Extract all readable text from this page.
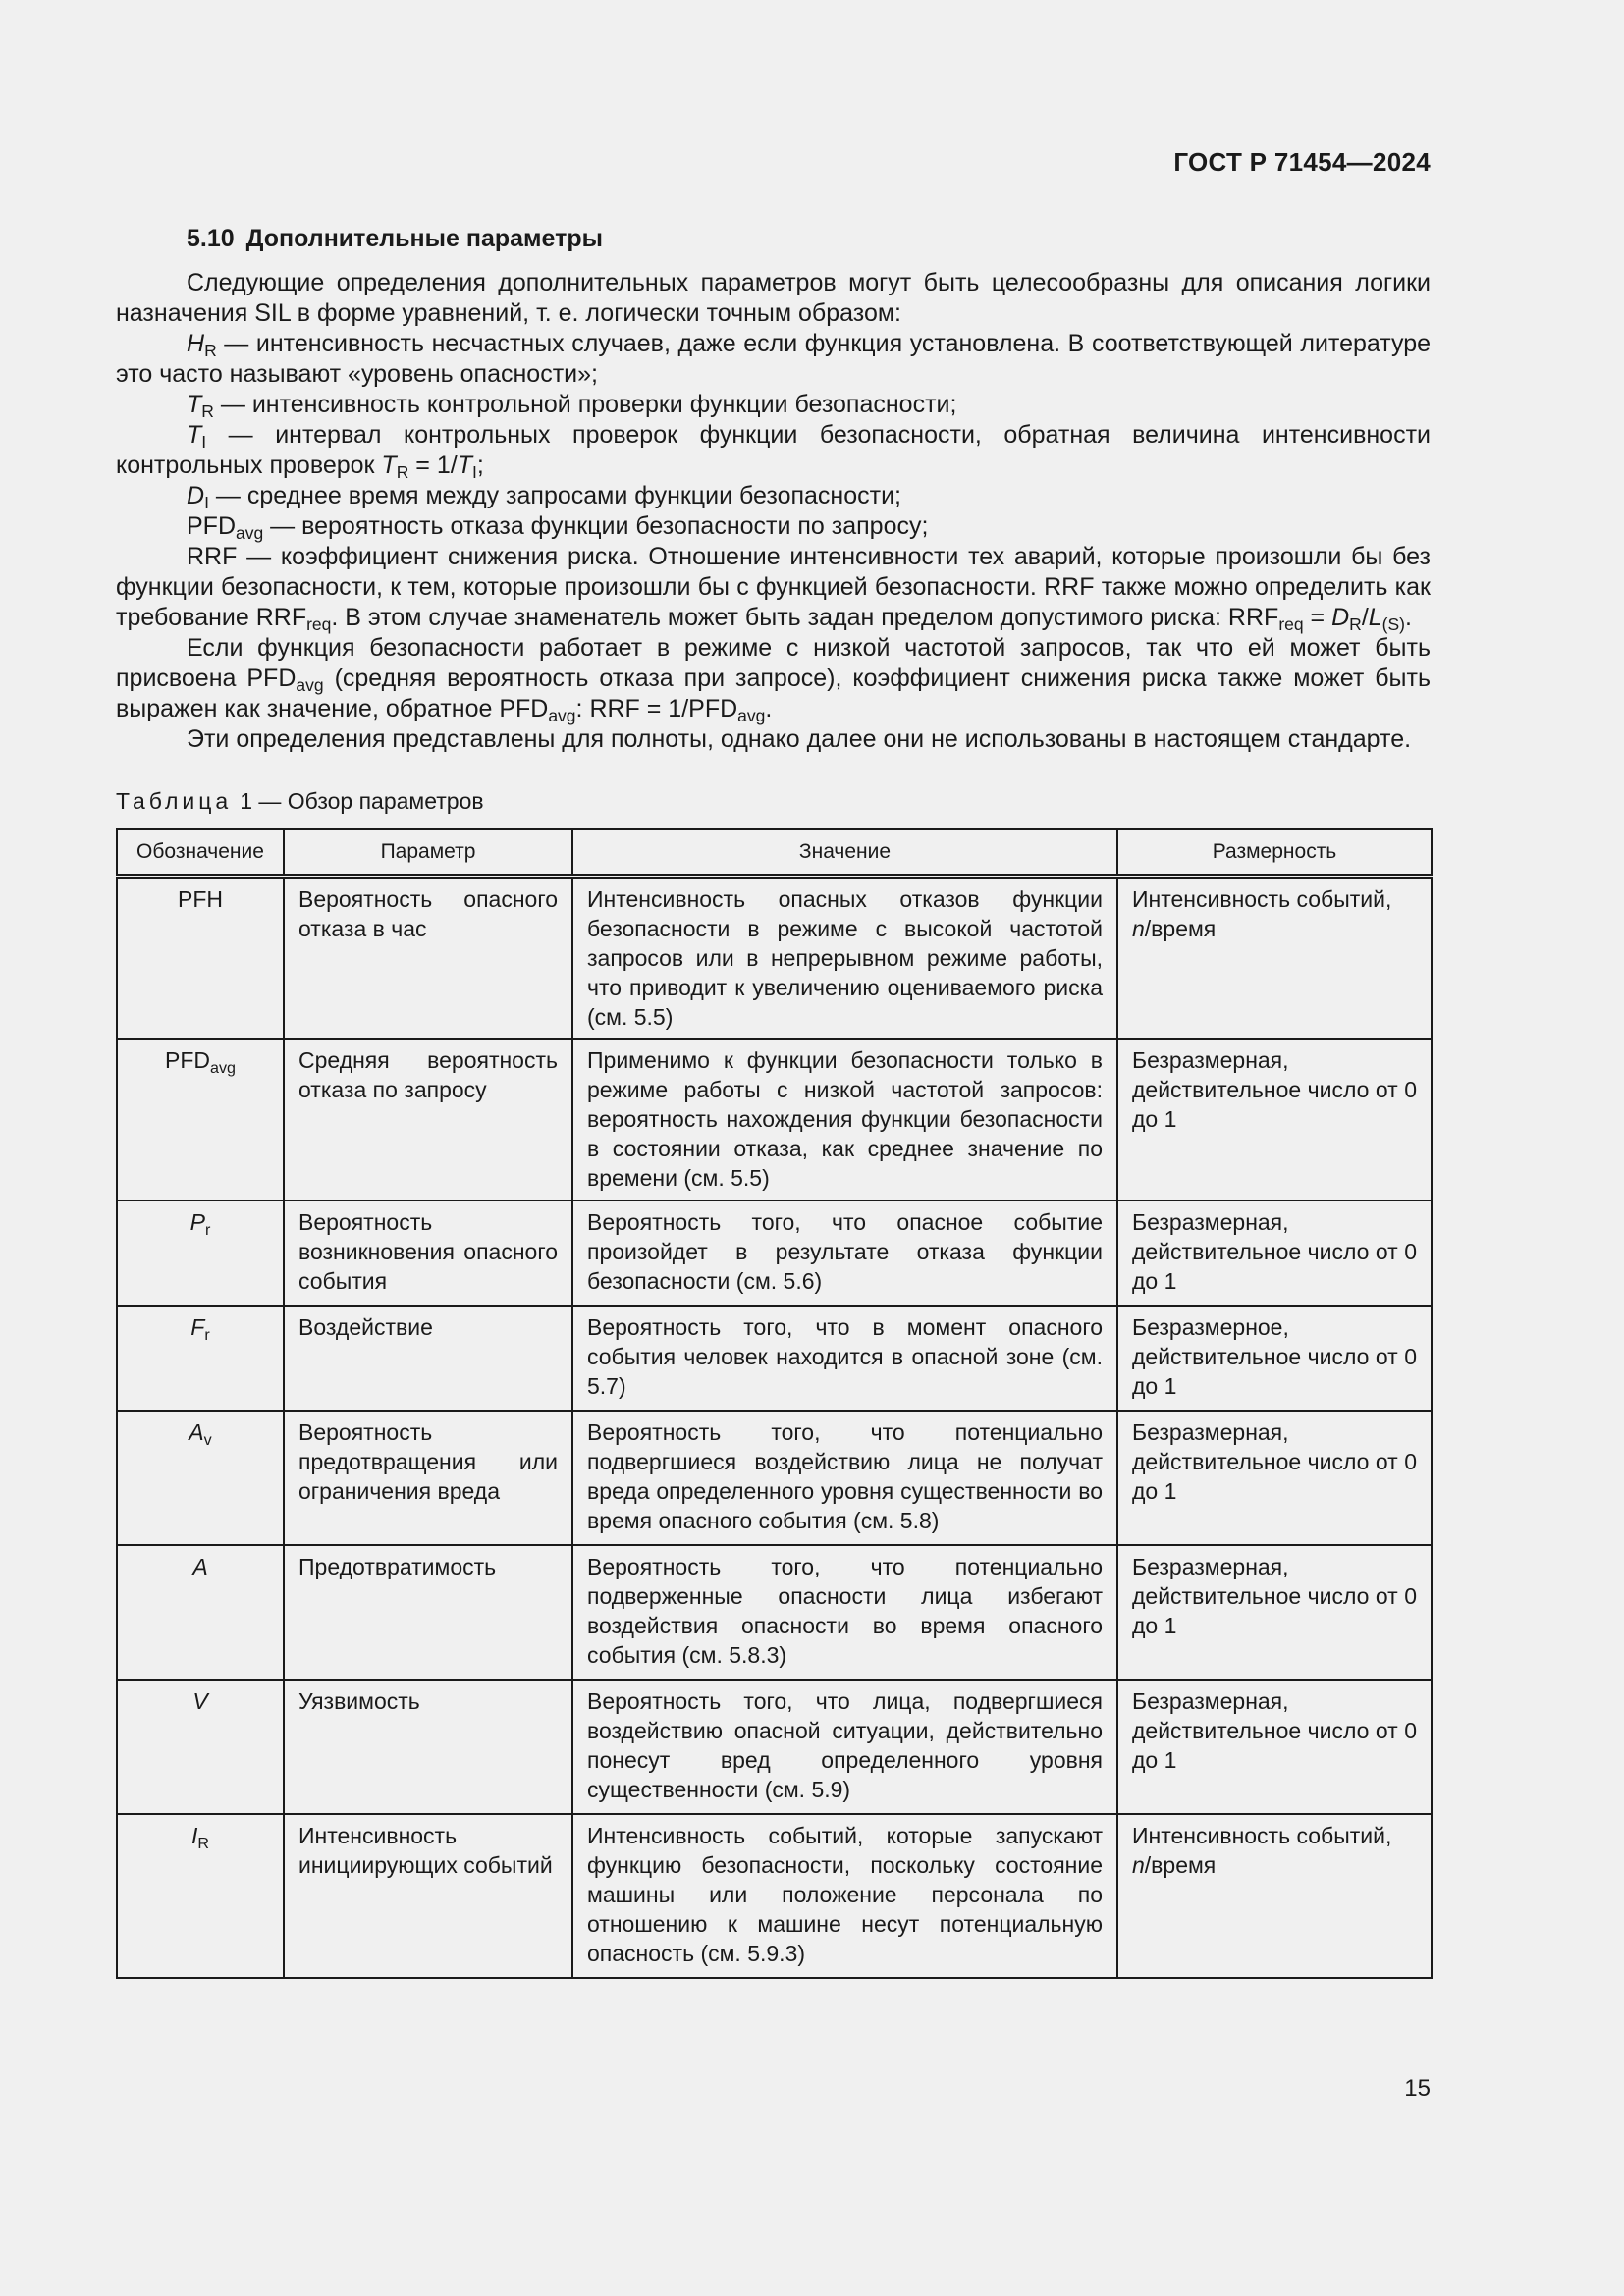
ГОСТ Р 71454—2024
5.10 Дополнительные параметры

Следующие определения дополнительных параметров могут быть целесообразны для описания логики назначения SIL в форме уравнений, т. е. логически точным образом:

$H_R$ — интенсивность несчастных случаев, даже если функция установлена. В соответствующей литературе это часто называют «уровень опасности»;

$T_R$ — интенсивность контрольной проверки функции безопасности;

$T_I$ — интервал контрольных проверок функции безопасности, обратная величина интенсивности контрольных проверок $T_R = 1/T_I$;

$D_I$ — среднее время между запросами функции безопасности;

$PFD_{avg}$ — вероятность отказа функции безопасности по запросу;

RRF — коэффициент снижения риска. Отношение интенсивности тех аварий, которые произошли бы без функции безопасности, к тем, которые произошли бы с функцией безопасности. RRF также можно определить как требование $RRF_{req}$. В этом случае знаменатель может быть задан пределом допустимого риска: $RRF_{req} = D_R/L_{(S)}$.

Если функция безопасности работает в режиме с низкой частотой запросов, так что ей может быть присвоена $PFD_{avg}$ (средняя вероятность отказа при запросе), коэффициент снижения риска также может быть выражен как значение, обратное $PFD_{avg}$: RRF = $1/PFD_{avg}$.

Эти определения представлены для полноты, однако далее они не использованы в настоящем стандарте.

Таблица 1 — Обзор параметров
Обозначение	Параметр	Значение	Размерность
PFH	Вероятность опасного отказа в час	Интенсивность опасных отказов функции безопасности в режиме с высокой частотой запросов или в непрерывном режиме работы, что приводит к увеличению оцениваемого риска (см. 5.5)	Интенсивность событий,
n/время
$PFD_{avg}$	Средняя вероятность отказа по запросу	Применимо к функции безопасности только в режиме работы с низкой частотой запросов: вероятность нахождения функции безопасности в состоянии отказа, как среднее значение по времени (см. 5.5)	Безразмерная, действительное число от 0 до 1
$P_r$	Вероятность возникновения опасного события	Вероятность того, что опасное событие произойдет в результате отказа функции безопасности (см. 5.6)	Безразмерная, действительное число от 0 до 1
$F_r$	Воздействие	Вероятность того, что в момент опасного события человек находится в опасной зоне (см. 5.7)	Безразмерное, действительное число от 0 до 1
$A_v$	Вероятность предотвращения или ограничения вреда	Вероятность того, что потенциально подвергшиеся воздействию лица не получат вреда определенного уровня существенности во время опасного события (см. 5.8)	Безразмерная, действительное число от 0 до 1
A	Предотвратимость	Вероятность того, что потенциально подверженные опасности лица избегают воздействия опасности во время опасного события (см. 5.8.3)	Безразмерная, действительное число от 0 до 1
V	Уязвимость	Вероятность того, что лица, подвергшиеся воздействию опасной ситуации, действительно понесут вред определенного уровня существенности (см. 5.9)	Безразмерная, действительное число от 0 до 1
$I_R$	Интенсивность инициирующих событий	Интенсивность событий, которые запускают функцию безопасности, поскольку состояние машины или положение персонала по отношению к машине несут потенциальную опасность (см. 5.9.3)	Интенсивность событий,
n/время
15
